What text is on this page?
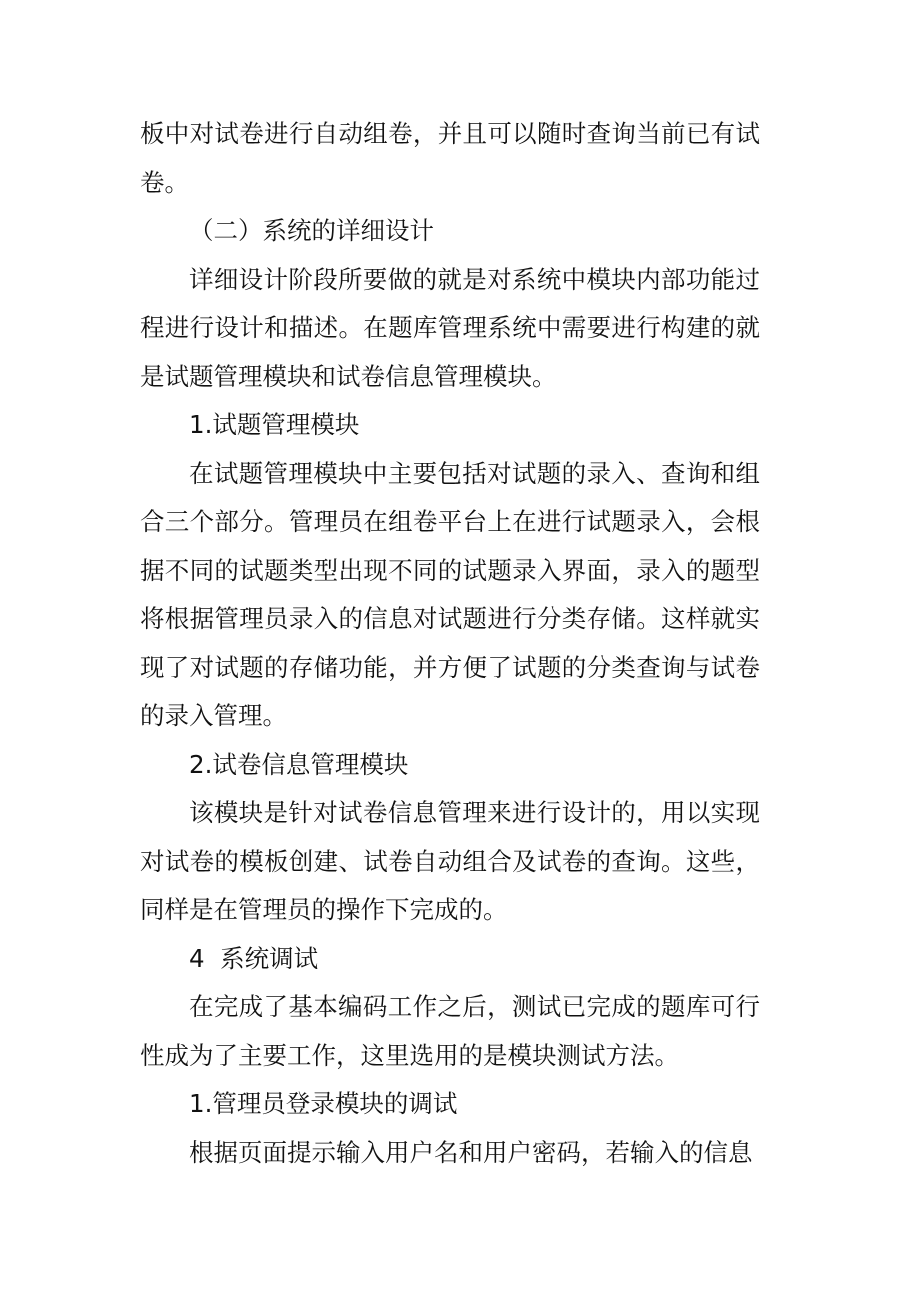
板中对试卷进行自动组卷，并且可以随时查询当前已有试卷。

（二）系统的详细设计

详细设计阶段所要做的就是对系统中模块内部功能过程进行设计和描述。在题库管理系统中需要进行构建的就是试题管理模块和试卷信息管理模块。

1.试题管理模块

在试题管理模块中主要包括对试题的录入、查询和组合三个部分。管理员在组卷平台上在进行试题录入，会根据不同的试题类型出现不同的试题录入界面，录入的题型将根据管理员录入的信息对试题进行分类存储。这样就实现了对试题的存储功能，并方便了试题的分类查询与试卷的录入管理。

2.试卷信息管理模块

该模块是针对试卷信息管理来进行设计的，用以实现对试卷的模板创建、试卷自动组合及试卷的查询。这些，同样是在管理员的操作下完成的。

4  系统调试

在完成了基本编码工作之后，测试已完成的题库可行性成为了主要工作，这里选用的是模块测试方法。

1.管理员登录模块的调试

根据页面提示输入用户名和用户密码，若输入的信息
